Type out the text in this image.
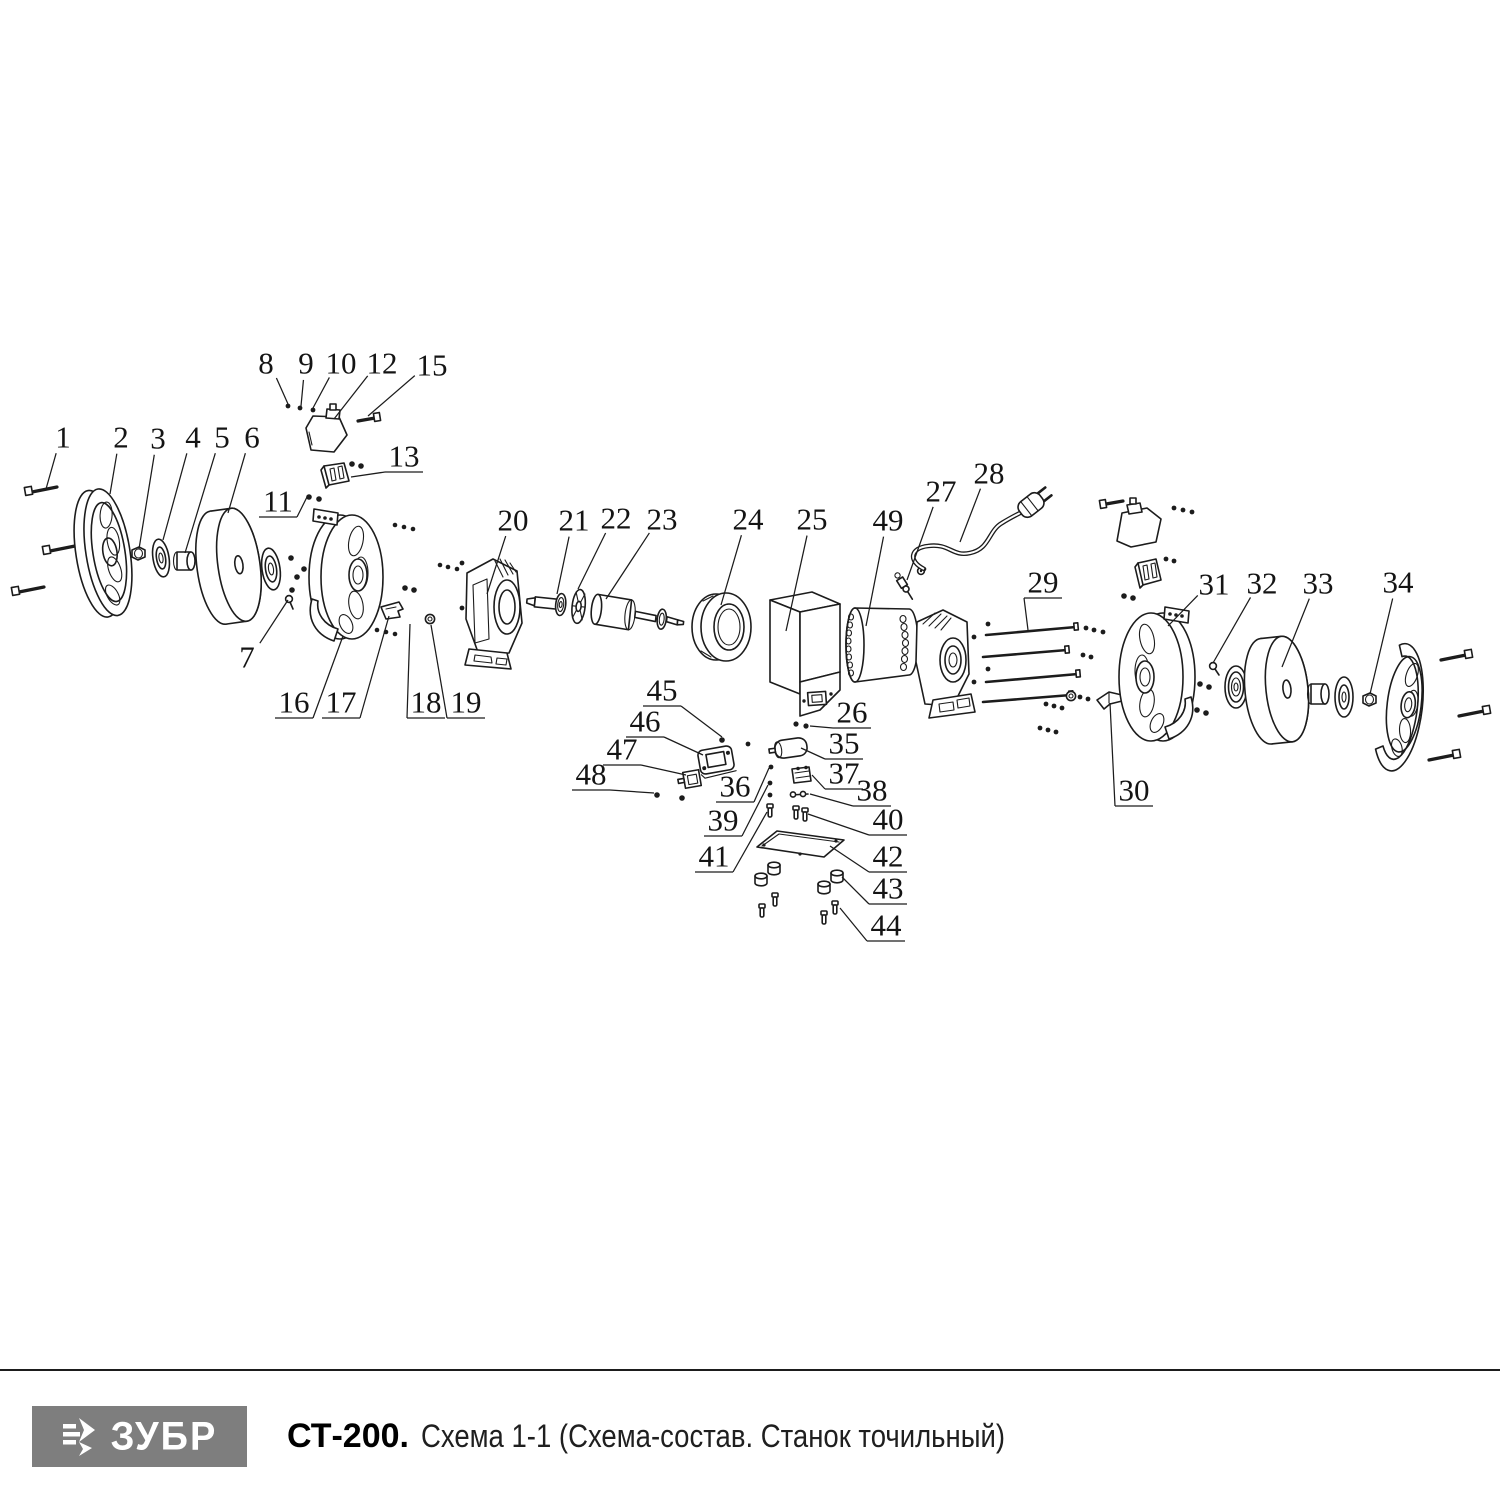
1 2 3 4 5 6
7
8 9 10
11
12
13
15
16 17 18 19
20 21 22 23 24 25 49
27
28
29
30
31 32 33 34
26
35
36	37
38
39	40
41	42
43
44
45
46
47
48
ЗУБР СТ-200. Схема 1-1 (Схема-состав. Станок точильный)
